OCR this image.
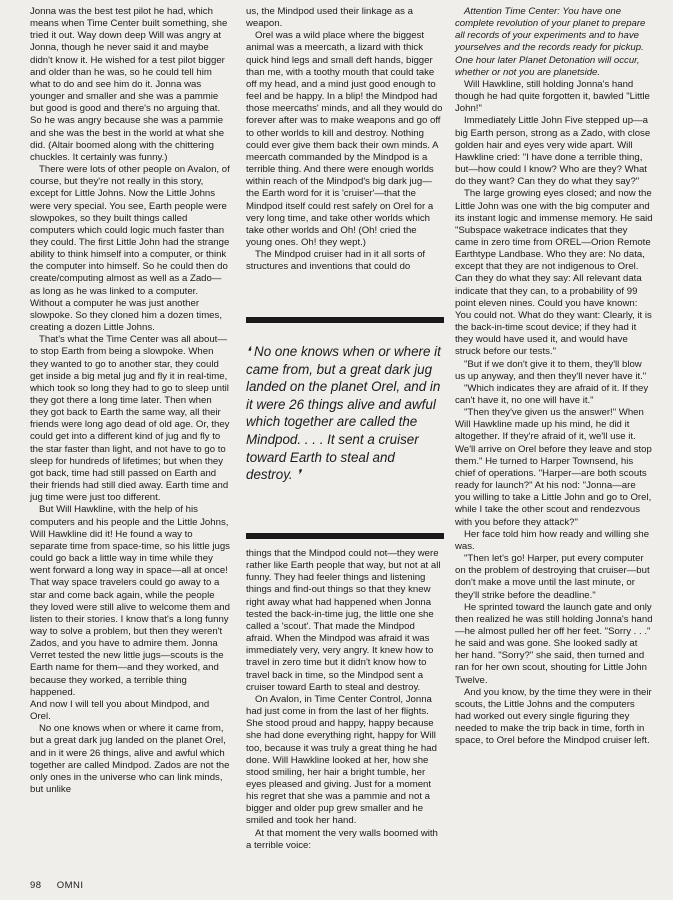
Jonna was the best test pilot he had, which means when Time Center built something, she tried it out. Way down deep Will was angry at Jonna, though he never said it and maybe didn't know it. He wished for a test pilot bigger and older than he was, so he could tell him what to do and see him do it. Jonna was younger and smaller and she was a pammie but good is good and there's no arguing that. So he was angry because she was a pammie and she was the best in the world at what she did. (Altair boomed along with the chittering chuckles. It certainly was funny.)

There were lots of other people on Avalon, of course, but they're not really in this story, except for Little Johns. Now the Little Johns were very special. You see, Earth people were slowpokes, so they built things called computers which could logic much faster than they could. The first Little John had the strange ability to think himself into a computer, or think the computer into himself. So he could then do create/computing almost as well as a Zado—as long as he was linked to a computer. Without a computer he was just another slowpoke. So they cloned him a dozen times, creating a dozen Little Johns.

That's what the Time Center was all about—to stop Earth from being a slowpoke. When they wanted to go to another star, they could get inside a big metal jug and fly it in real-time, which took so long they had to go to sleep until they got there a long time later. Then when they got back to Earth the same way, all their friends were long ago dead of old age. Or, they could get into a different kind of jug and fly to the star faster than light, and not have to go to sleep for hundreds of lifetimes; but when they got back, time had still passed on Earth and their friends had still died away. Earth time and jug time were just too different.

But Will Hawkline, with the help of his computers and his people and the Little Johns, Will Hawkline did it! He found a way to separate time from space-time, so his little jugs could go back a little way in time while they went forward a long way in space—all at once! That way space travelers could go away to a star and come back again, while the people they loved were still alive to welcome them and listen to their stories. I know that's a long funny way to solve a problem, but then they weren't Zados, and you have to admire them. Jonna Verret tested the new little jugs—scouts is the Earth name for them—and they worked, and because they worked, a terrible thing happened.

And now I will tell you about Mindpod, and Orel.

No one knows when or where it came from, but a great dark jug landed on the planet Orel, and in it were 26 things, alive and awful which together are called Mindpod. Zados are not the only ones in the universe who can link minds, but unlike

us, the Mindpod used their linkage as a weapon.

Orel was a wild place where the biggest animal was a meercath, a lizard with thick quick hind legs and small deft hands, bigger than me, with a toothy mouth that could take off my head, and a mind just good enough to feel and be happy. In a blip! the Mindpod had those meercaths' minds, and all they would do forever after was to make weapons and go off to other worlds to kill and destroy. Nothing could ever give them back their own minds. A meercath commanded by the Mindpod is a terrible thing. And there were enough worlds within reach of the Mindpod's big dark jug—the Earth word for it is 'cruiser'—that the Mindpod itself could rest safely on Orel for a very long time, and take other worlds which take other worlds and Oh! (Oh! cried the young ones. Oh! they wept.)

The Mindpod cruiser had in it all sorts of structures and inventions that could do

❛ No one knows when or where it came from, but a great dark jug landed on the planet Orel, and in it were 26 things alive and awful which together are called the Mindpod. . . . It sent a cruiser toward Earth to steal and destroy. ❜

things that the Mindpod could not—they were rather like Earth people that way, but not at all funny. They had feeler things and listening things and find-out things so that they knew right away what had happened when Jonna tested the back-in-time jug, the little one she called a 'scout'. That made the Mindpod afraid. When the Mindpod was afraid it was immediately very, very angry. It knew how to travel in zero time but it didn't know how to travel back in time, so the Mindpod sent a cruiser toward Earth to steal and destroy.

On Avalon, in Time Center Control, Jonna had just come in from the last of her flights. She stood proud and happy, happy because she had done everything right, happy for Will too, because it was truly a great thing he had done. Will Hawkline looked at her, how she stood smiling, her hair a bright tumble, her eyes pleased and giving. Just for a moment his regret that she was a pammie and not a bigger and older pup grew smaller and he smiled and took her hand.

At that moment the very walls boomed with a terrible voice:

Attention Time Center: You have one complete revolution of your planet to prepare all records of your experiments and to have yourselves and the records ready for pickup. One hour later Planet Detonation will occur, whether or not you are planetside.

Will Hawkline, still holding Jonna's hand though he had quite forgotten it, bawled "Little John!"

Immediately Little John Five stepped up—a big Earth person, strong as a Zado, with close golden hair and eyes very wide apart. Will Hawkline cried: "I have done a terrible thing, but—how could I know? Who are they? What do they want? Can they do what they say?"

The large growing eyes closed; and now the Little John was one with the big computer and its instant logic and immense memory. He said "Subspace waketrace indicates that they came in zero time from OREL—Orion Remote Earthtype Landbase. Who they are: No data, except that they are not indigenous to Orel. Can they do what they say: All relevant data indicate that they can, to a probability of 99 point eleven nines. Could you have known: You could not. What do they want: Clearly, it is the back-in-time scout device; if they had it they would have used it, and would have struck before our tests."

"But if we don't give it to them, they'll blow us up anyway, and then they'll never have it."

"Which indicates they are afraid of it. If they can't have it, no one will have it."

"Then they've given us the answer!" When Will Hawkline made up his mind, he did it altogether. If they're afraid of it, we'll use it. We'll arrive on Orel before they leave and stop them." He turned to Harper Townsend, his chief of operations. "Harper—are both scouts ready for launch?" At his nod: "Jonna—are you willing to take a Little John and go to Orel, while I take the other scout and rendezvous with you before they attack?"

Her face told him how ready and willing she was.

"Then let's go! Harper, put every computer on the problem of destroying that cruiser—but don't make a move until the last minute, or they'll strike before the deadline."

He sprinted toward the launch gate and only then realized he was still holding Jonna's hand—he almost pulled her off her feet. "Sorry . . ." he said and was gone. She looked sadly at her hand. "Sorry?" she said, then turned and ran for her own scout, shouting for Little John Twelve.

And you know, by the time they were in their scouts, the Little Johns and the computers had worked out every single figuring they needed to make the trip back in time, forth in space, to Orel before the Mindpod cruiser left.

98 OMNI
